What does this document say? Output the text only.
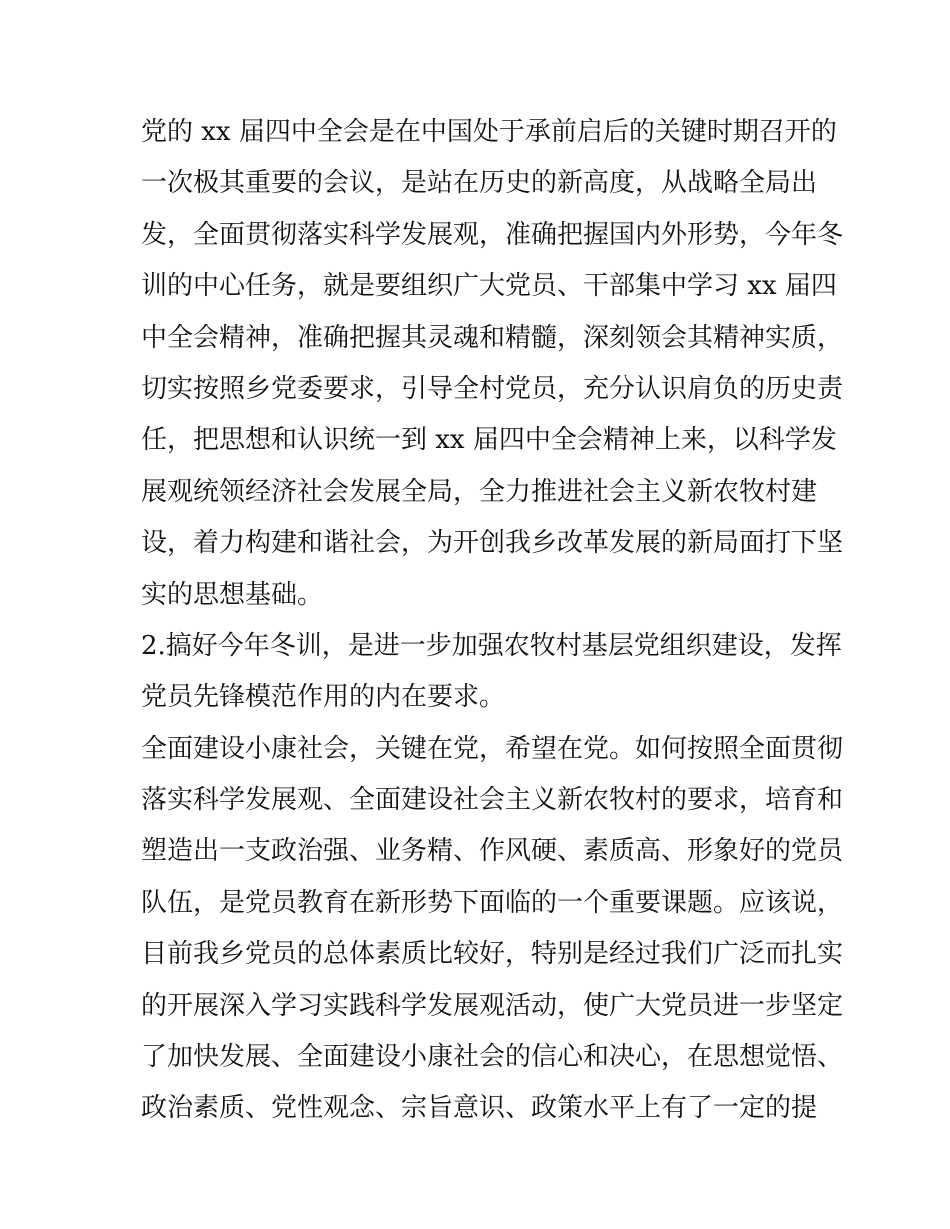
党的 xx 届四中全会是在中国处于承前启后的关键时期召开的
一次极其重要的会议，是站在历史的新高度，从战略全局出
发，全面贯彻落实科学发展观，准确把握国内外形势，今年冬
训的中心任务，就是要组织广大党员、干部集中学习 xx 届四
中全会精神，准确把握其灵魂和精髓，深刻领会其精神实质，
切实按照乡党委要求，引导全村党员，充分认识肩负的历史责
任，把思想和认识统一到 xx 届四中全会精神上来，以科学发
展观统领经济社会发展全局，全力推进社会主义新农牧村建
设，着力构建和谐社会，为开创我乡改革发展的新局面打下坚
实的思想基础。
2.搞好今年冬训，是进一步加强农牧村基层党组织建设，发挥
党员先锋模范作用的内在要求。
全面建设小康社会，关键在党，希望在党。如何按照全面贯彻
落实科学发展观、全面建设社会主义新农牧村的要求，培育和
塑造出一支政治强、业务精、作风硬、素质高、形象好的党员
队伍，是党员教育在新形势下面临的一个重要课题。应该说，
目前我乡党员的总体素质比较好，特别是经过我们广泛而扎实
的开展深入学习实践科学发展观活动，使广大党员进一步坚定
了加快发展、全面建设小康社会的信心和决心，在思想觉悟、
政治素质、党性观念、宗旨意识、政策水平上有了一定的提
